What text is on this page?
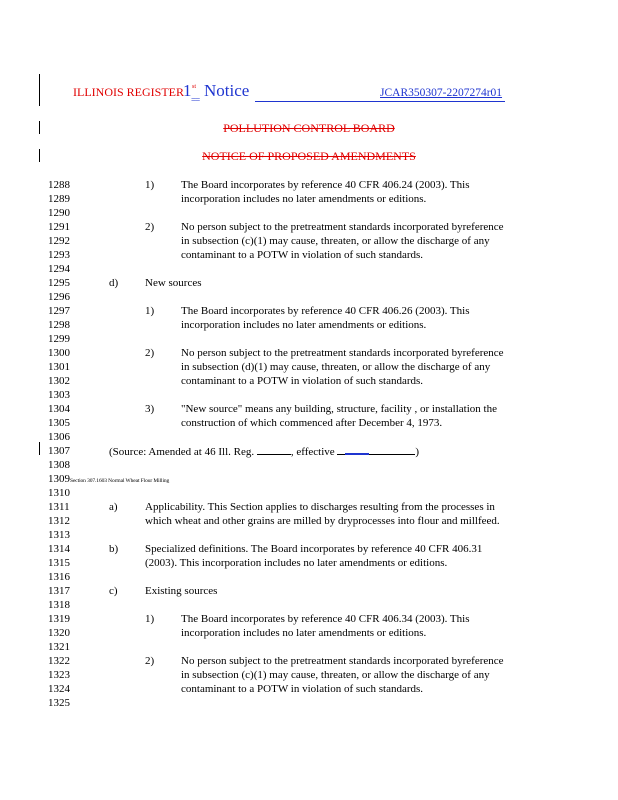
ILLINOIS REGISTER 1 st
== Notice	JCAR350307-2207274r01
POLLUTION CONTROL BOARD
NOTICE OF PROPOSED AMENDMENTS
1288
1289
1290
1291
1292
1293
1294
1295
1296
1297
1298
1299
1300
1301
1302
1303
1304
1305
1306
1307
1308
1309Section 307.1603 Normal Wheat Flour Milling
1310
1311
1312
1313
1314
1315
1316
1317
1318
1319
1320
1321
1322
1323
1324
1325
1) The Board incorporates by reference 40 CFR 406.24 (2003). This
incorporation includes no later amendments or editions.
2) No person subject to the pretreatment standards incorporated byreference
in subsection (c)(1) may cause, threaten, or allow the discharge of any
contaminant to a POTW in violation of such standards.
d) New sources
1) The Board incorporates by reference 40 CFR 406.26 (2003). This
incorporation includes no later amendments or editions.
2) No person subject to the pretreatment standards incorporated byreference
in subsection (d)(1) may cause, threaten, or allow the discharge of any
contaminant to a POTW in violation of such standards.
3) "New source" means any building, structure, facility , or installation the
construction of which commenced after December 4, 1973.
(Source: Amended at 46 Ill. Reg.	, effective	)
a) Applicability. This Section applies to discharges resulting from the processes in
which wheat and other grains are milled by dryprocesses into flour and millfeed.
b) Specialized definitions. The Board incorporates by reference 40 CFR 406.31
(2003). This incorporation includes no later amendments or editions.
c) Existing sources
1) The Board incorporates by reference 40 CFR 406.34 (2003). This
incorporation includes no later amendments or editions.
2) No person subject to the pretreatment standards incorporated byreference
in subsection (c)(1) may cause, threaten, or allow the discharge of any
contaminant to a POTW in violation of such standards.
